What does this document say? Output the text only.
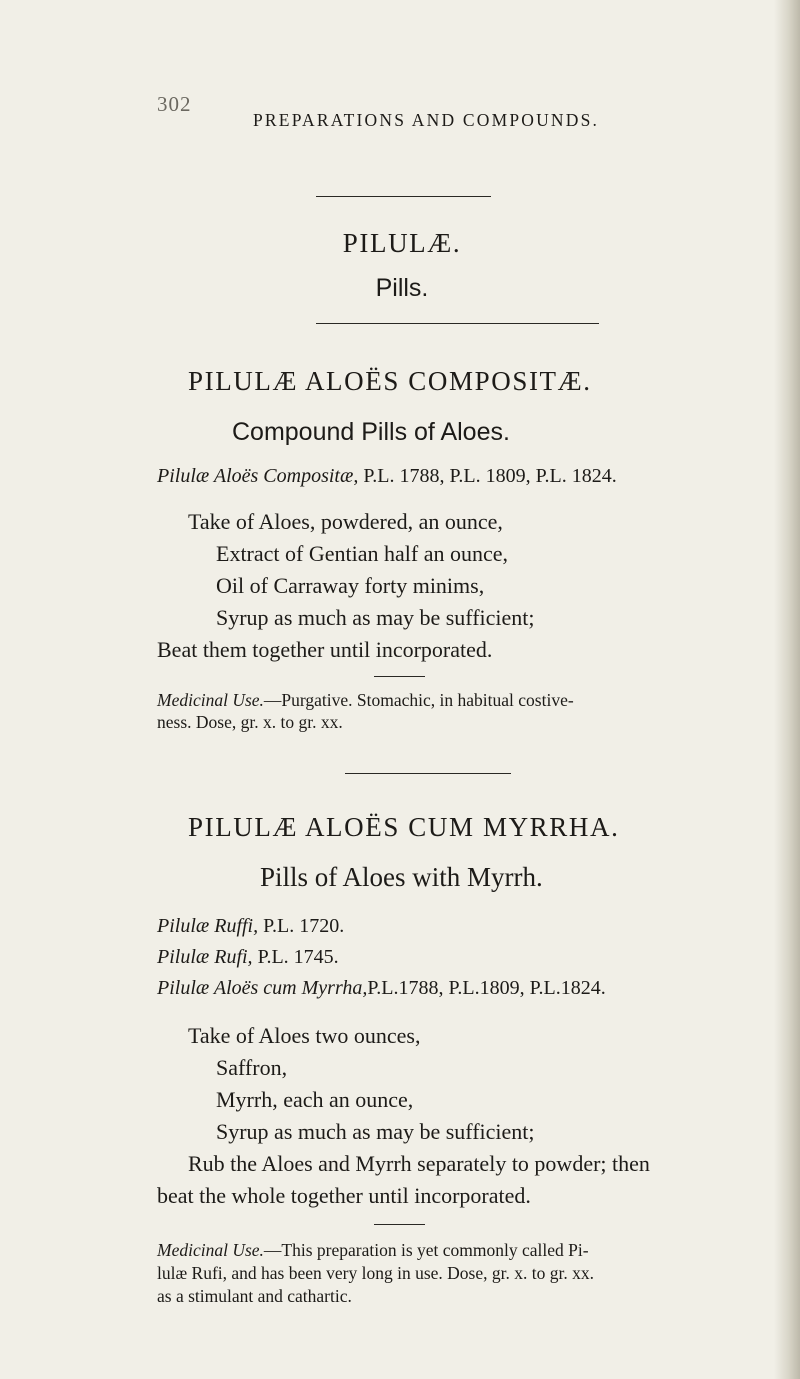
302
PREPARATIONS AND COMPOUNDS.
PILULÆ.
Pills.
PILULÆ ALOËS COMPOSITÆ.
Compound Pills of Aloes.
Pilulæ Aloës Compositæ, P.L. 1788, P.L. 1809, P.L. 1824.
Take of Aloes, powdered, an ounce,
Extract of Gentian half an ounce,
Oil of Carraway forty minims,
Syrup as much as may be sufficient;
Beat them together until incorporated.
Medicinal Use.—Purgative. Stomachic, in habitual costive-
ness. Dose, gr. x. to gr. xx.
PILULÆ ALOËS CUM MYRRHA.
Pills of Aloes with Myrrh.
Pilulæ Ruffi, P.L. 1720.
Pilulæ Rufi, P.L. 1745.
Pilulæ Aloës cum Myrrha,P.L.1788, P.L.1809, P.L.1824.
Take of Aloes two ounces,
Saffron,
Myrrh, each an ounce,
Syrup as much as may be sufficient;
Rub the Aloes and Myrrh separately to powder; then
beat the whole together until incorporated.
Medicinal Use.—This preparation is yet commonly called Pi-
lulæ Rufi, and has been very long in use. Dose, gr. x. to gr. xx.
as a stimulant and cathartic.
